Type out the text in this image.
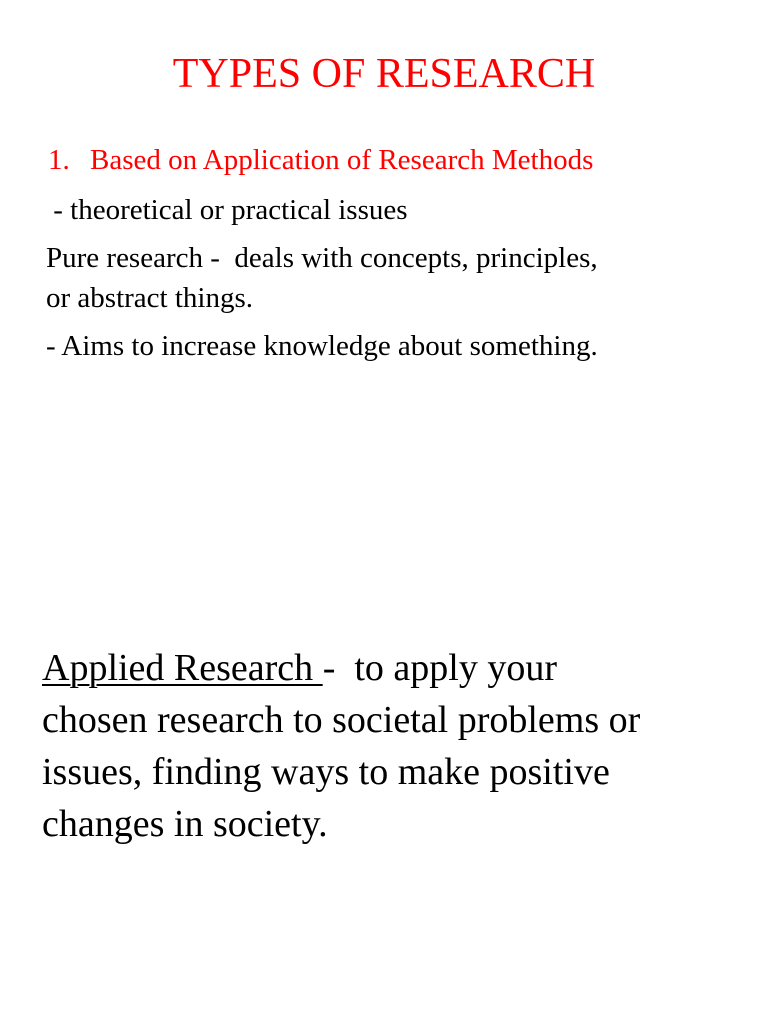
TYPES OF RESEARCH
1. Based on Application of Research Methods
- theoretical or practical issues
Pure research -  deals with concepts, principles,
or abstract things.
- Aims to increase knowledge about something.

Applied Research -  to apply your
chosen research to societal problems or
issues, finding ways to make positive
changes in society.
